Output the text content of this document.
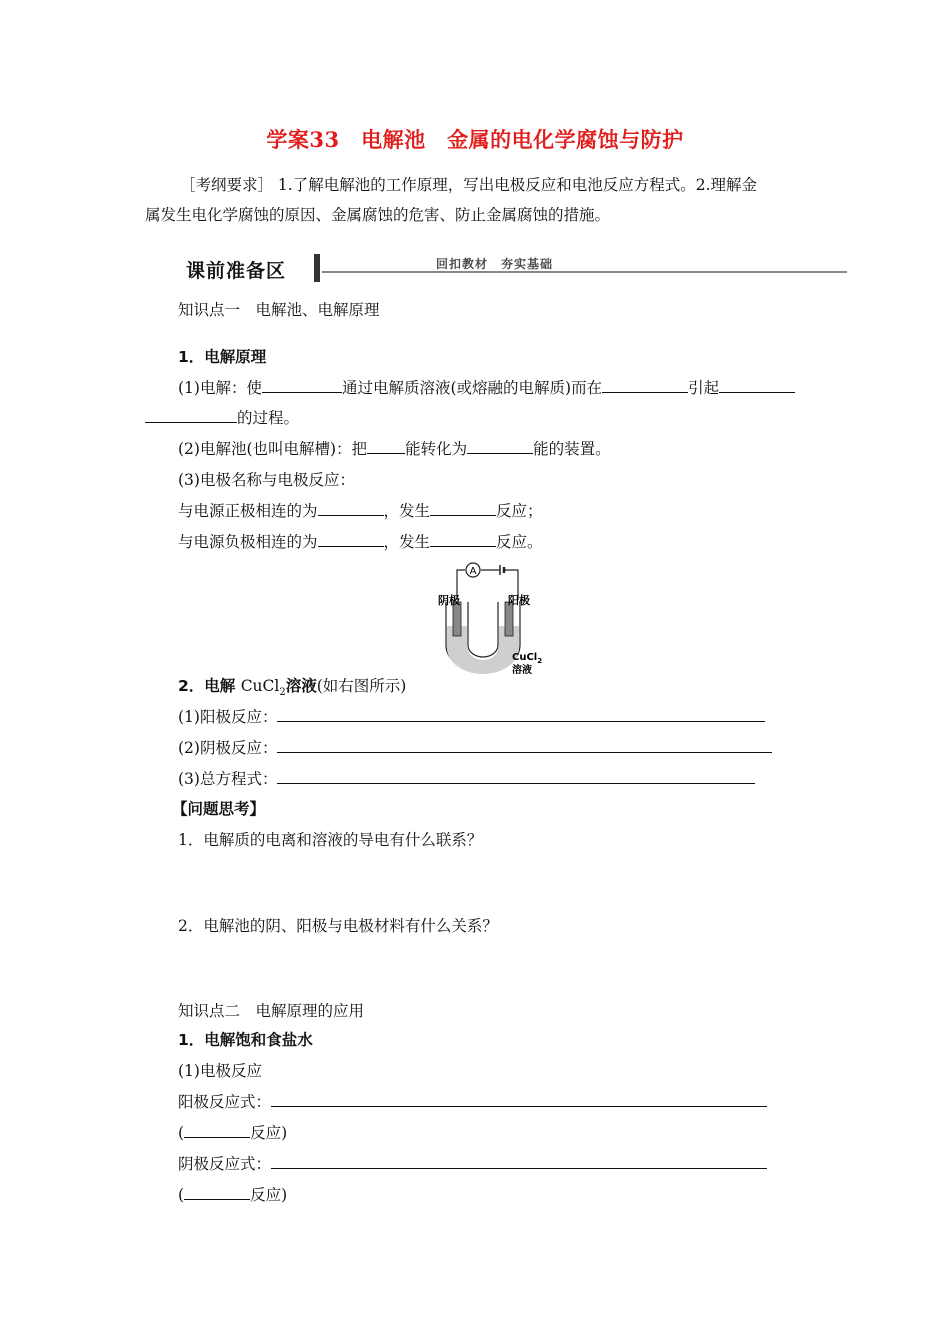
学案33　电解池　金属的电化学腐蚀与防护
［考纲要求］ 1.了解电解池的工作原理，写出电极反应和电池反应方程式。2.理解金
属发生电化学腐蚀的原因、金属腐蚀的危害、防止金属腐蚀的措施。
课前准备区	回扣教材　夯实基础
知识点一　电解池、电解原理
1．电解原理
(1)电解：使	通过电解质溶液(或熔融的电解质)而在	引起
的过程。
(2)电解池(也叫电解槽)：把 能转化为	能的装置。
(3)电极名称与电极反应：
与电源正极相连的为	，发生	反应；
与电源负极相连的为	，发生	反应。
A
阴极	阳极
CuCl$_2$
溶液
2．电解 CuCl$_2$溶液(如右图所示)
(1)阳极反应：
(2)阴极反应：
(3)总方程式：
【问题思考】
1．电解质的电离和溶液的导电有什么联系？
2．电解池的阴、阳极与电极材料有什么关系？
知识点二　电解原理的应用
1．电解饱和食盐水
(1)电极反应
阳极反应式：
(	反应)
阴极反应式：
(	反应)
